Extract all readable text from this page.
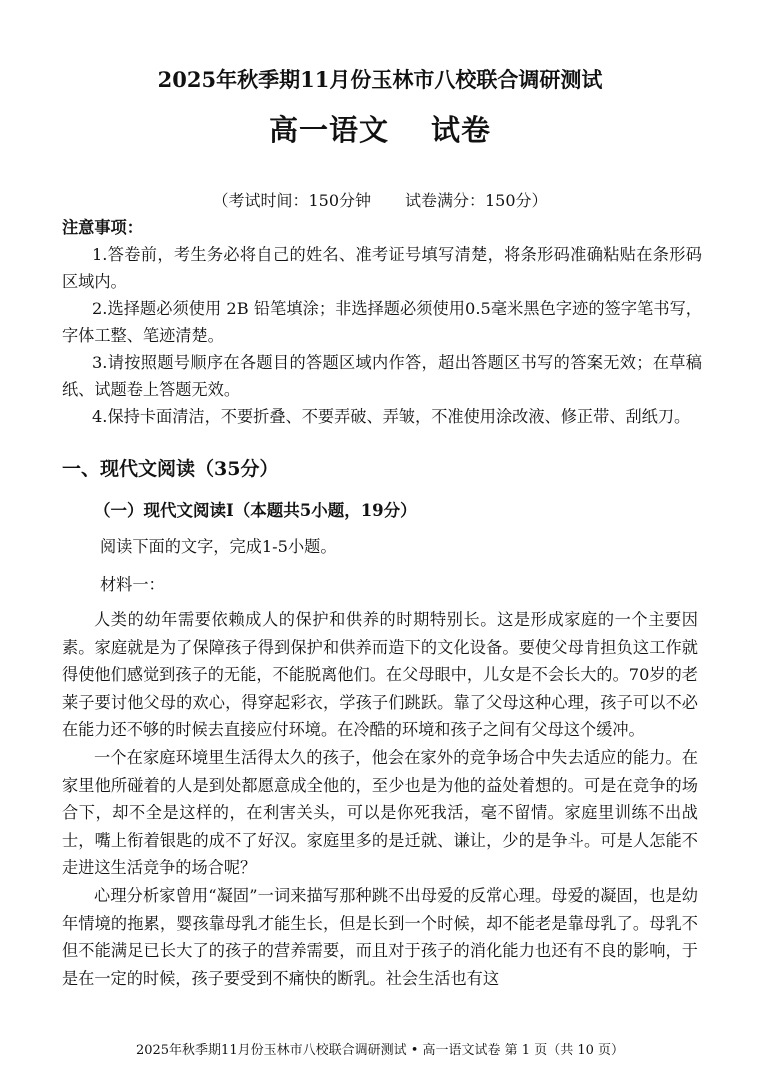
2025年秋季期11月份玉林市八校联合调研测试
高一语文 试卷
（考试时间：150分钟 试卷满分：150分）
注意事项：

1.答卷前，考生务必将自己的姓名、准考证号填写清楚，将条形码准确粘贴在条形码区域内。

2.选择题必须使用 2B 铅笔填涂；非选择题必须使用0.5毫米黑色字迹的签字笔书写，字体工整、笔迹清楚。

3.请按照题号顺序在各题目的答题区域内作答，超出答题区书写的答案无效；在草稿纸、试题卷上答题无效。

4.保持卡面清洁，不要折叠、不要弄破、弄皱，不准使用涂改液、修正带、刮纸刀。

一、现代文阅读（35分）
（一）现代文阅读Ⅰ（本题共5小题，19分）
阅读下面的文字，完成1-5小题。
材料一：

人类的幼年需要依赖成人的保护和供养的时期特别长。这是形成家庭的一个主要因素。家庭就是为了保障孩子得到保护和供养而造下的文化设备。要使父母肯担负这工作就得使他们感觉到孩子的无能，不能脱离他们。在父母眼中，儿女是不会长大的。70岁的老莱子要讨他父母的欢心，得穿起彩衣，学孩子们跳跃。靠了父母这种心理，孩子可以不必在能力还不够的时候去直接应付环境。在冷酷的环境和孩子之间有父母这个缓冲。

一个在家庭环境里生活得太久的孩子，他会在家外的竞争场合中失去适应的能力。在家里他所碰着的人是到处都愿意成全他的，至少也是为他的益处着想的。可是在竞争的场合下，却不全是这样的，在利害关头，可以是你死我活，毫不留情。家庭里训练不出战士，嘴上衔着银匙的成不了好汉。家庭里多的是迁就、谦让，少的是争斗。可是人怎能不走进这生活竞争的场合呢？

心理分析家曾用“凝固”一词来描写那种跳不出母爱的反常心理。母爱的凝固，也是幼年情境的拖累，婴孩靠母乳才能生长，但是长到一个时候，却不能老是靠母乳了。母乳不但不能满足已长大了的孩子的营养需要，而且对于孩子的消化能力也还有不良的影响，于是在一定的时候，孩子要受到不痛快的断乳。社会生活也有这

2025年秋季期11月份玉林市八校联合调研测试 • 高一语文试卷 第 1 页（共 10 页）
